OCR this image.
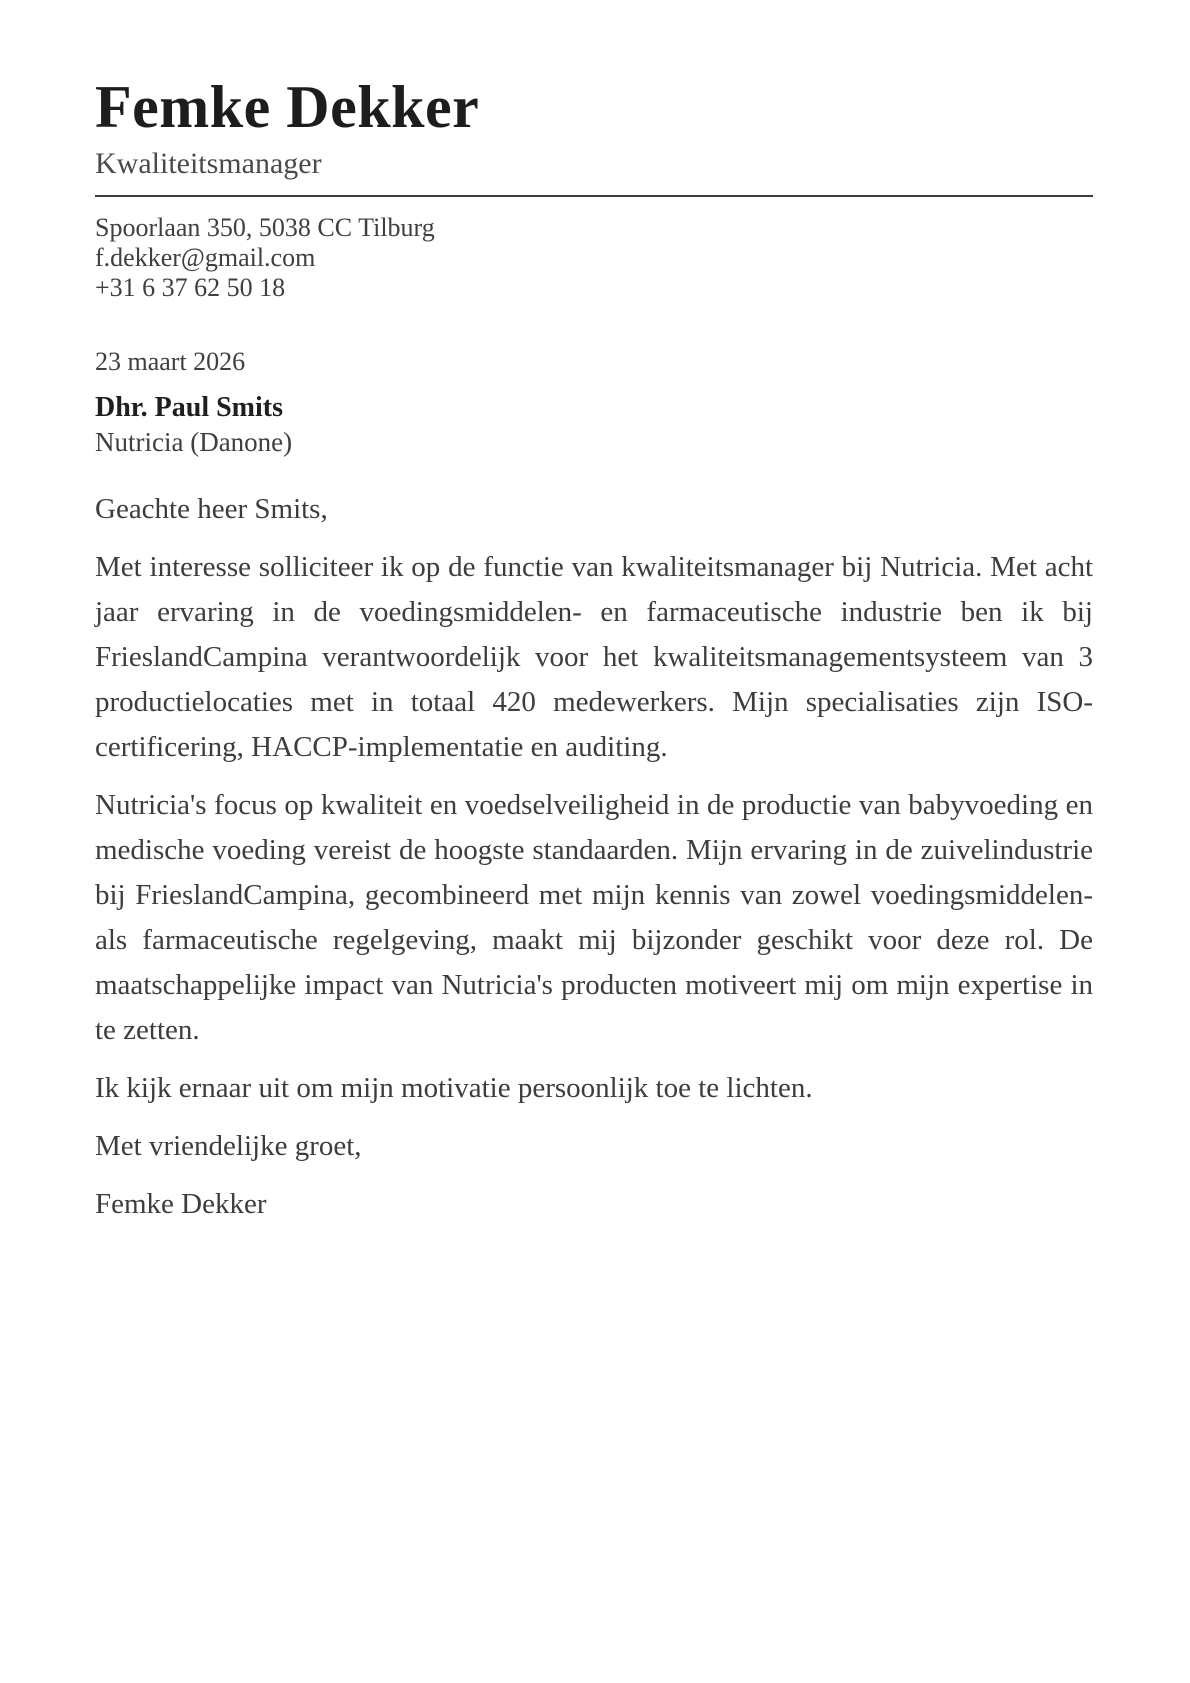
Femke Dekker
Kwaliteitsmanager
Spoorlaan 350, 5038 CC Tilburg
f.dekker@gmail.com
+31 6 37 62 50 18
23 maart 2026
Dhr. Paul Smits
Nutricia (Danone)

Geachte heer Smits,

Met interesse solliciteer ik op de functie van kwaliteitsmanager bij Nutricia. Met acht jaar ervaring in de voedingsmiddelen- en farmaceutische industrie ben ik bij FrieslandCampina verantwoordelijk voor het kwaliteitsmanagementsysteem van 3 productielocaties met in totaal 420 medewerkers. Mijn specialisaties zijn ISO-certificering, HACCP-implementatie en auditing.

Nutricia's focus op kwaliteit en voedselveiligheid in de productie van babyvoeding en medische voeding vereist de hoogste standaarden. Mijn ervaring in de zuivelindustrie bij FrieslandCampina, gecombineerd met mijn kennis van zowel voedingsmiddelen- als farmaceutische regelgeving, maakt mij bijzonder geschikt voor deze rol. De maatschappelijke impact van Nutricia's producten motiveert mij om mijn expertise in te zetten.

Ik kijk ernaar uit om mijn motivatie persoonlijk toe te lichten.

Met vriendelijke groet,

Femke Dekker
